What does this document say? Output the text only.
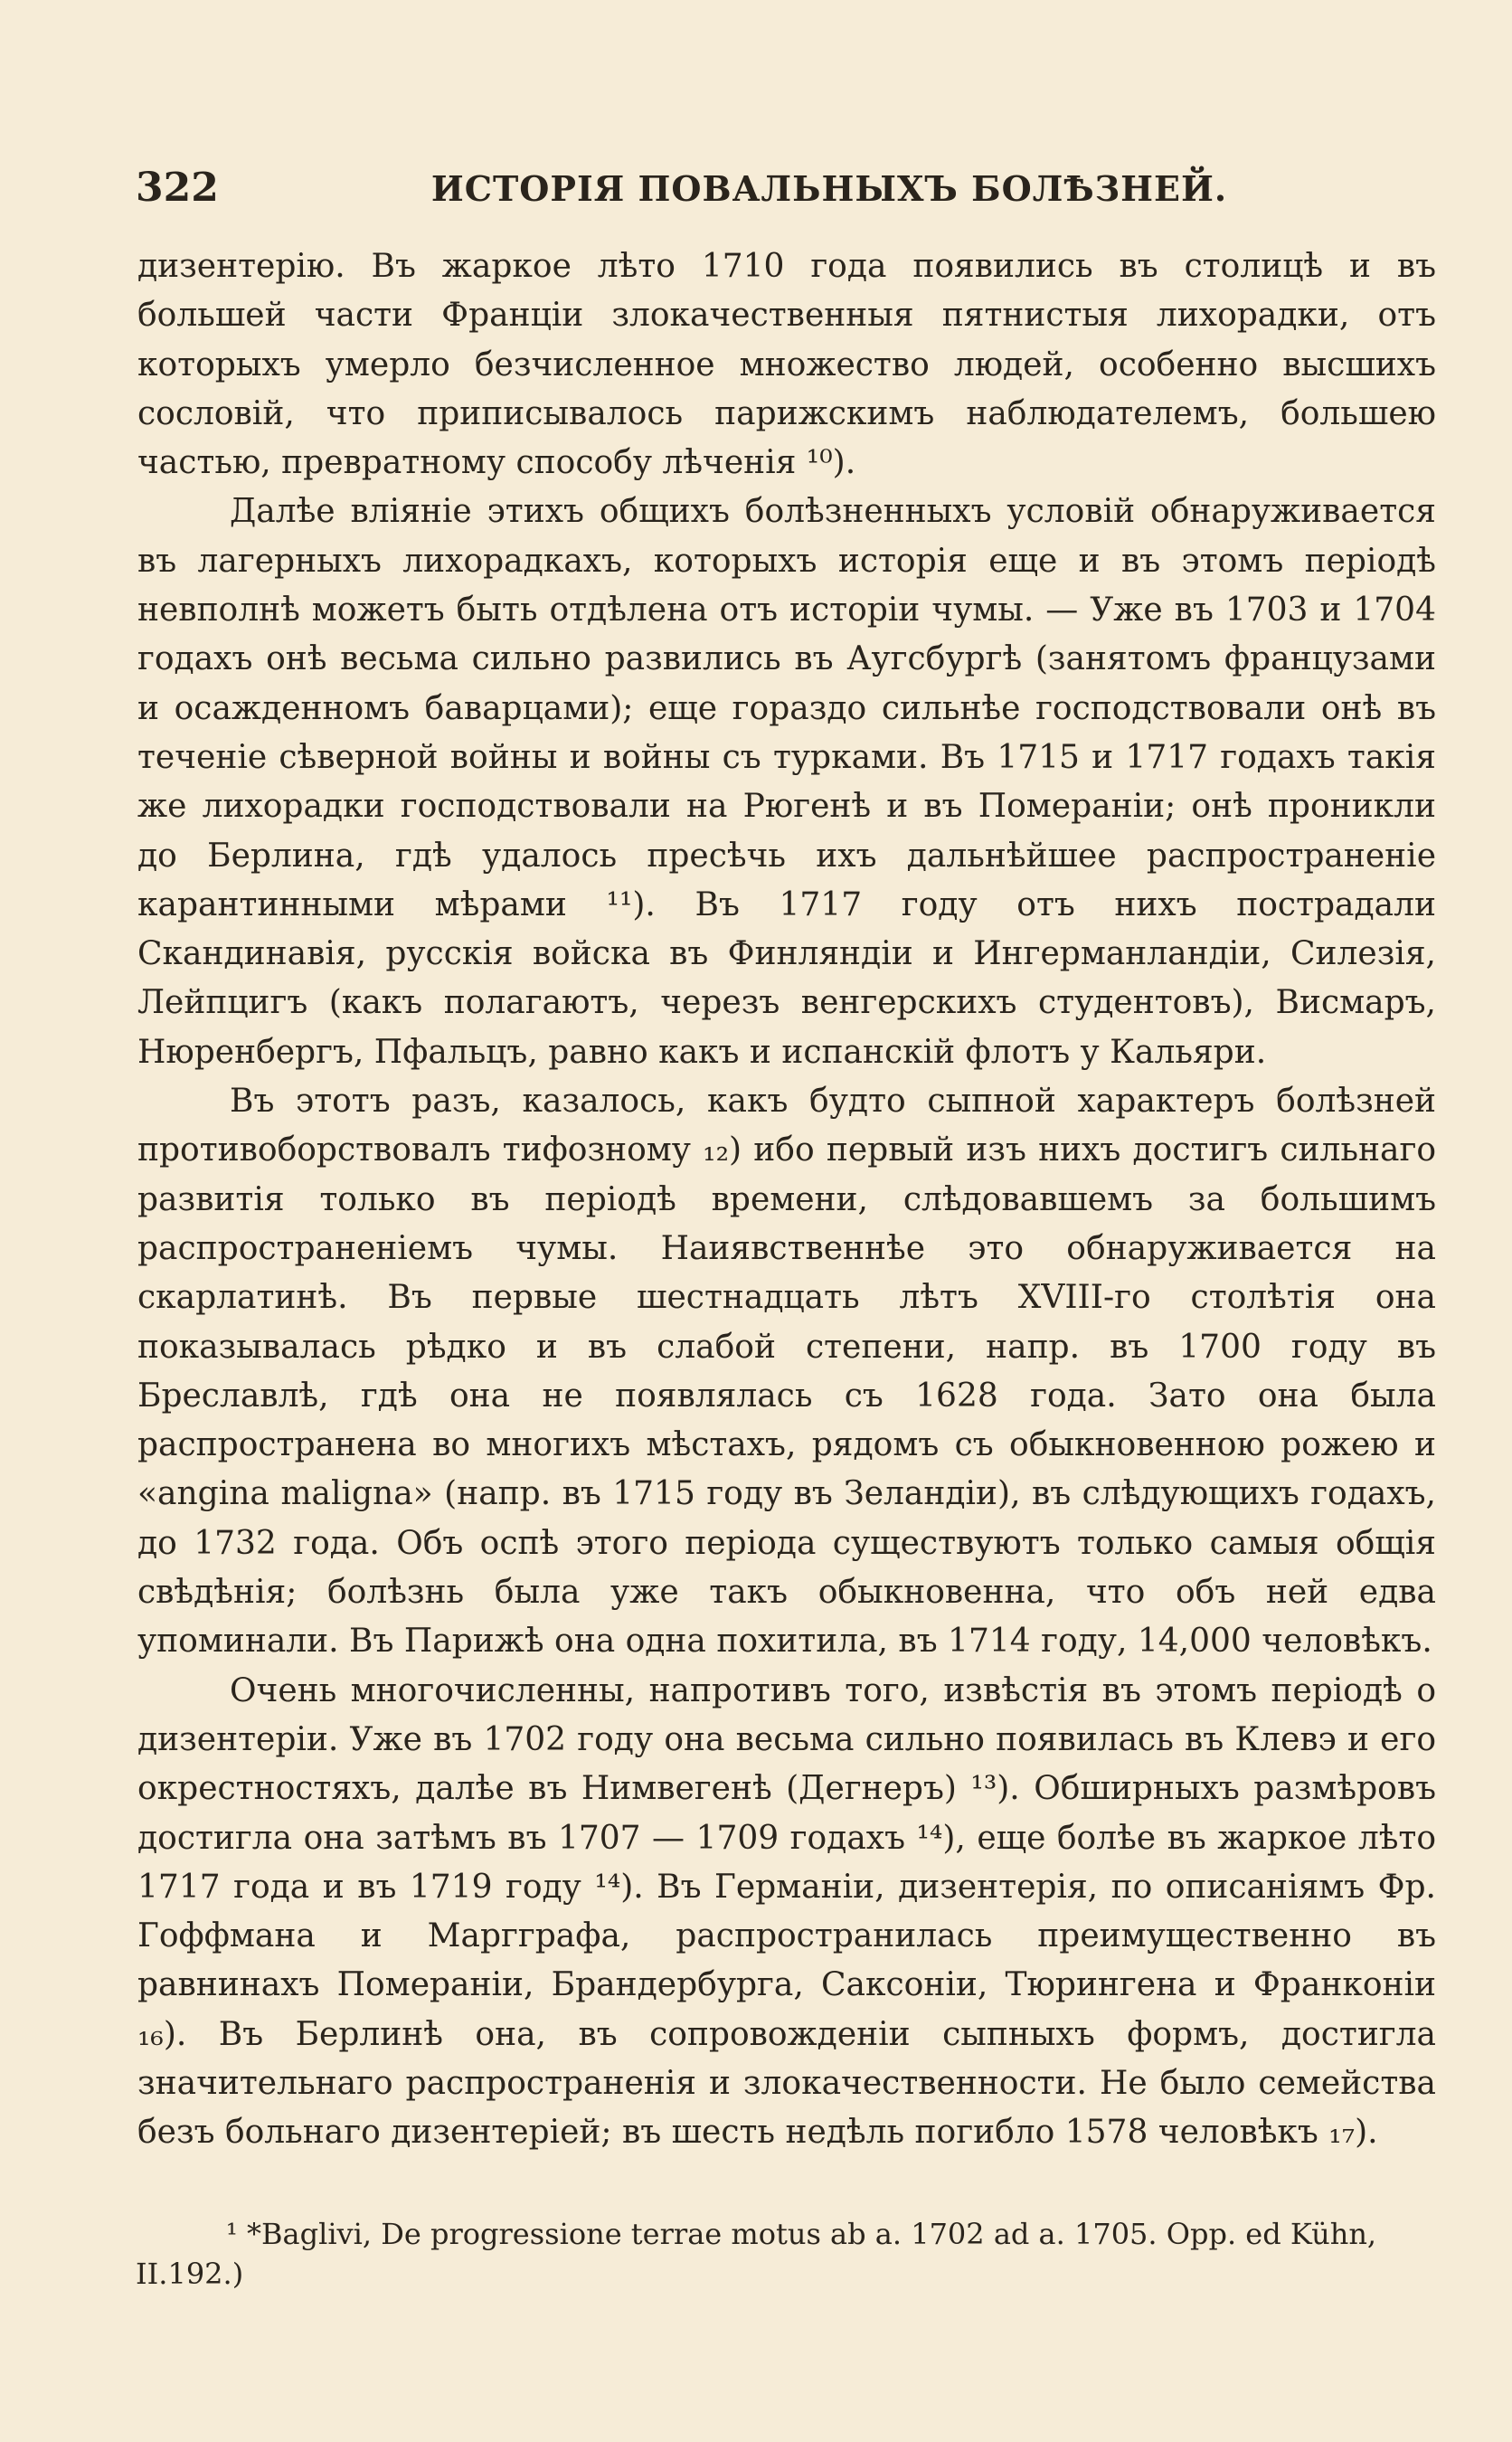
322	ИСТОРІЯ ПОВАЛЬНЫХЪ БОЛѢЗНЕЙ.

дизентерію. Въ жаркое лѣто 1710 года появились въ столицѣ и въ большей части Франціи злокачественныя пятнистыя лихорадки, отъ которыхъ умерло безчисленное множество людей, особенно высшихъ сословій, что приписывалось парижскимъ наблюдателемъ, большею частью, превратному способу лѣченія ¹⁰).

Далѣе вліяніе этихъ общихъ болѣзненныхъ условій обнаруживается въ лагерныхъ лихорадкахъ, которыхъ исторія еще и въ этомъ періодѣ невполнѣ можетъ быть отдѣлена отъ исторіи чумы. — Уже въ 1703 и 1704 годахъ онѣ весьма сильно развились въ Аугсбургѣ (занятомъ французами и осажденномъ баварцами); еще гораздо сильнѣе господствовали онѣ въ теченіе сѣверной войны и войны съ турками. Въ 1715 и 1717 годахъ такія же лихорадки господствовали на Рюгенѣ и въ Помераніи; онѣ проникли до Берлина, гдѣ удалось пресѣчь ихъ дальнѣйшее распространеніе карантинными мѣрами ¹¹). Въ 1717 году отъ нихъ пострадали Скандинавія, русскія войска въ Финляндіи и Ингерманландіи, Силезія, Лейпцигъ (какъ полагаютъ, черезъ венгерскихъ студентовъ), Висмаръ, Нюренбергъ, Пфальцъ, равно какъ и испанскій флотъ у Кальяри.

Въ этотъ разъ, казалось, какъ будто сыпной характеръ болѣзней противоборствовалъ тифозному ₁₂) ибо первый изъ нихъ достигъ сильнаго развитія только въ періодѣ времени, слѣдовавшемъ за большимъ распространеніемъ чумы. Наиявственнѣе это обнаруживается на скарлатинѣ. Въ первые шестнадцать лѣтъ XVIII-го столѣтія она показывалась рѣдко и въ слабой степени, напр. въ 1700 году въ Бреславлѣ, гдѣ она не появлялась съ 1628 года. Зато она была распространена во многихъ мѣстахъ, рядомъ съ обыкновенною рожею и «angina maligna» (напр. въ 1715 году въ Зеландіи), въ слѣдующихъ годахъ, до 1732 года. Объ оспѣ этого періода существуютъ только самыя общія свѣдѣнія; болѣзнь была уже такъ обыкновенна, что объ ней едва упоминали. Въ Парижѣ она одна похитила, въ 1714 году, 14,000 человѣкъ.

Очень многочисленны, напротивъ того, извѣстія въ этомъ періодѣ о дизентеріи. Уже въ 1702 году она весьма сильно появилась въ Клевэ и его окрестностяхъ, далѣе въ Нимвегенѣ (Дегнеръ) ¹³). Обширныхъ размѣровъ достигла она затѣмъ въ 1707 — 1709 годахъ ¹⁴), еще болѣе въ жаркое лѣто 1717 года и въ 1719 году ¹⁴). Въ Германіи, дизентерія, по описаніямъ Фр. Гоффмана и Маргграфа, распространилась преимущественно въ равнинахъ Помераніи, Брандербурга, Саксоніи, Тюрингена и Франконіи ₁₆). Въ Берлинѣ она, въ сопровожденіи сыпныхъ формъ, достигла значительнаго распространенія и злокачественности. Не было семейства безъ больнаго дизентеріей; въ шесть недѣль погибло 1578 человѣкъ ₁₇).

¹ *Baglivi, De progressione terrae motus ab a. 1702 ad a. 1705. Opp. ed Kühn,

II.192.)
